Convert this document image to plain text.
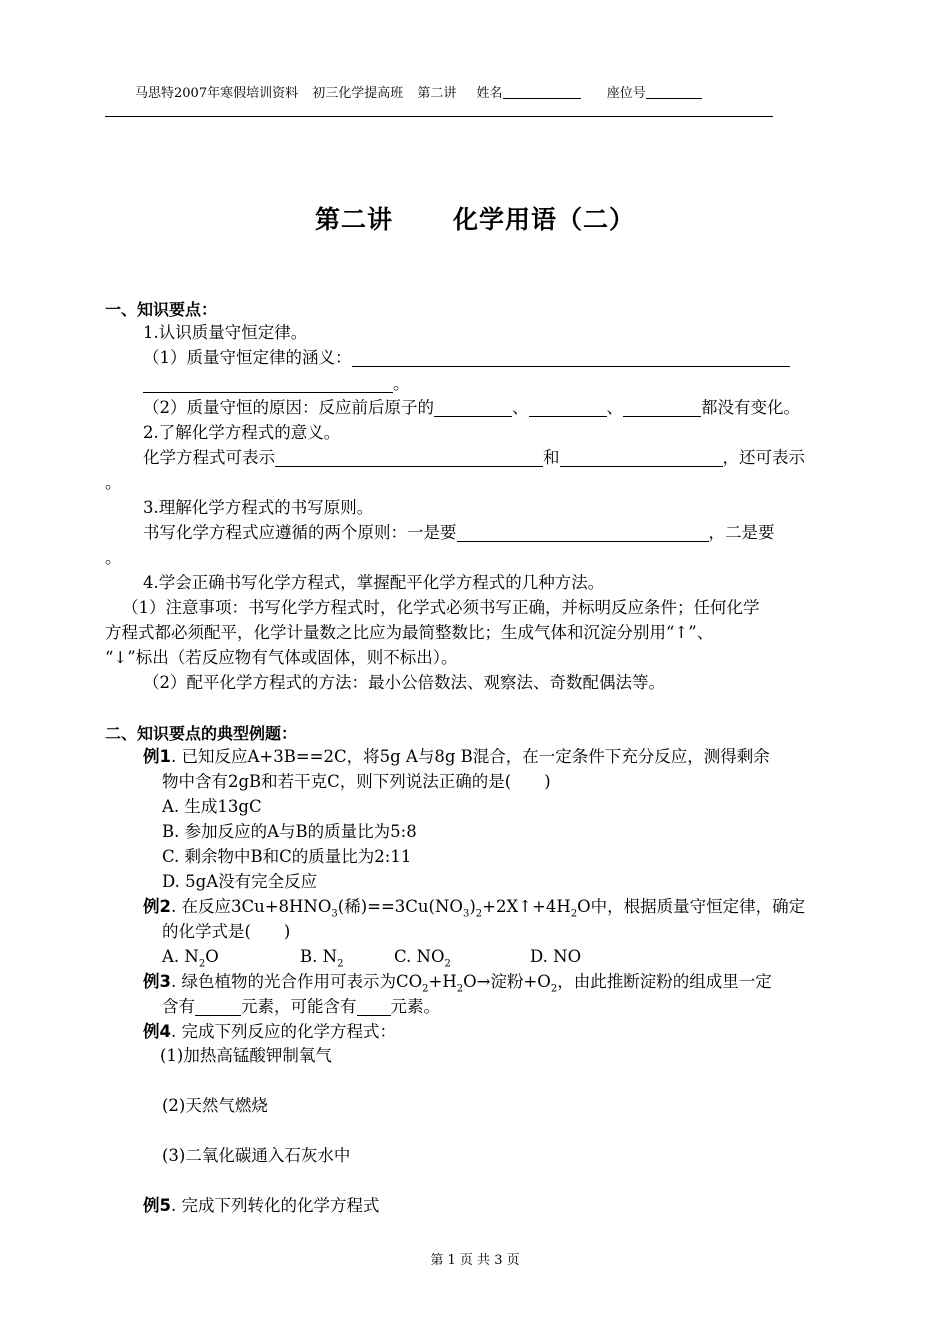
马思特2007年寒假培训资料 初三化学提高班 第二讲 姓名	座位号
第二讲 化学用语（二）
一、知识要点：
1.认识质量守恒定律。
（1）质量守恒定律的涵义：
。
（2）质量守恒的原因：反应前后原子的	、	、	都没有变化。
2.了解化学方程式的意义。
化学方程式可表示	和	，还可表示
。
3.理解化学方程式的书写原则。
书写化学方程式应遵循的两个原则：一是要	，二是要
。
4.学会正确书写化学方程式，掌握配平化学方程式的几种方法。
（1）注意事项：书写化学方程式时，化学式必须书写正确，并标明反应条件；任何化学
方程式都必须配平，化学计量数之比应为最简整数比；生成气体和沉淀分别用“↑”、
“↓”标出（若反应物有气体或固体，则不标出）。
（2）配平化学方程式的方法：最小公倍数法、观察法、奇数配偶法等。
二、知识要点的典型例题：
例1. 已知反应A+3B==2C，将5g A与8g B混合，在一定条件下充分反应，测得剩余
物中含有2gB和若干克C，则下列说法正确的是(　　)
A. 生成13gC
B. 参加反应的A与B的质量比为5:8
C. 剩余物中B和C的质量比为2:11
D. 5gA没有完全反应
例2. 在反应$3Cu+8HNO_3$(稀)$==3Cu(NO_3)_2+2X↑+4H_2O$中，根据质量守恒定律，确定
的化学式是(　　)
A. $N_2O$	B. $N_2$	C. $NO_2$	D. NO
例3. 绿色植物的光合作用可表示为$CO_2+H_2O\to$淀粉$+O_2$，由此推断淀粉的组成里一定
含有	元素，可能含有 元素。
例4. 完成下列反应的化学方程式：
(1)加热高锰酸钾制氧气
(2)天然气燃烧
(3)二氧化碳通入石灰水中
例5. 完成下列转化的化学方程式
第 1 页 共 3 页
